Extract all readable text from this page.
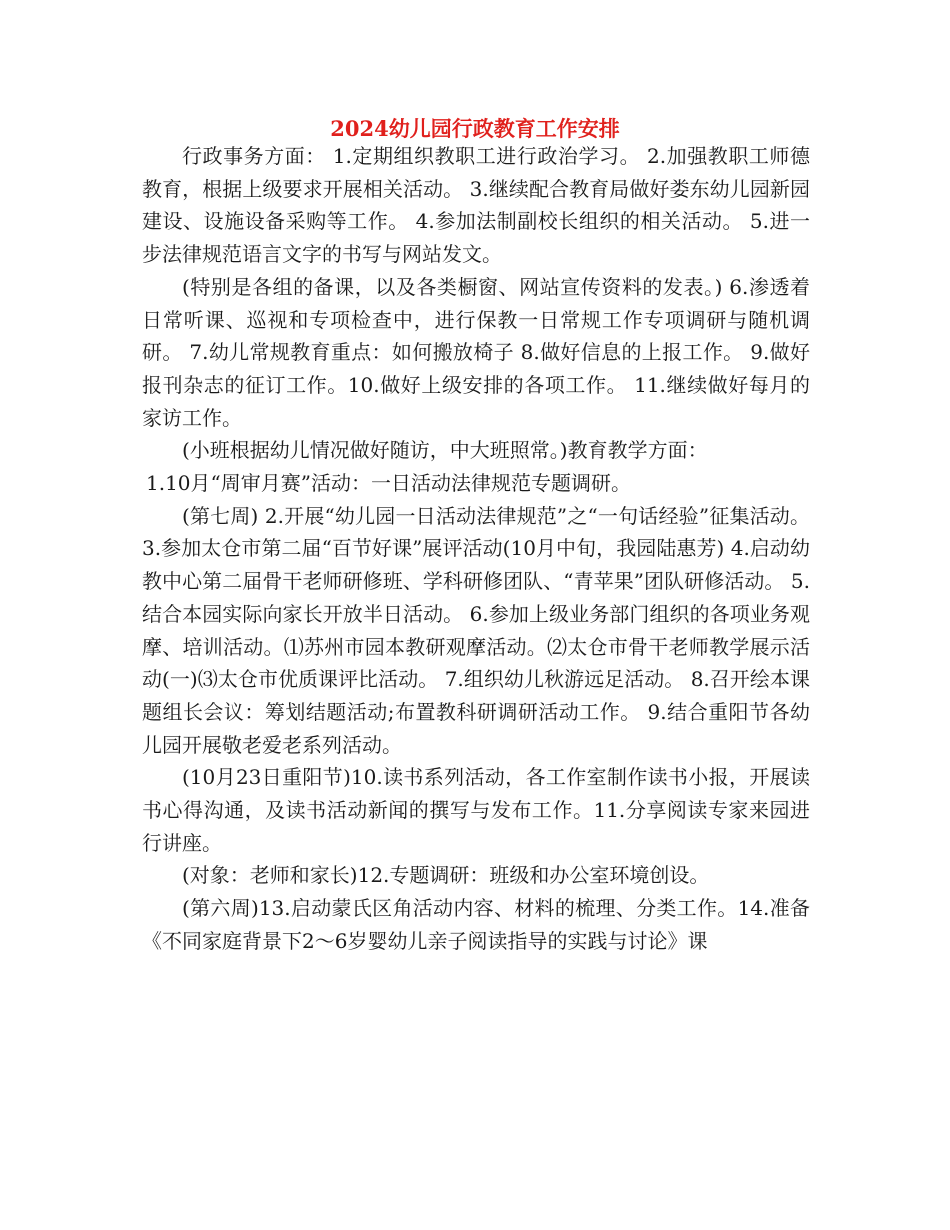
2024幼儿园行政教育工作安排

行政事务方面： 1.定期组织教职工进行政治学习。 2.加强教职工师德教育，根据上级要求开展相关活动。 3.继续配合教育局做好娄东幼儿园新园建设、设施设备采购等工作。 4.参加法制副校长组织的相关活动。 5.进一步法律规范语言文字的书写与网站发文。

(特别是各组的备课，以及各类橱窗、网站宣传资料的发表。) 6.渗透着日常听课、巡视和专项检查中，进行保教一日常规工作专项调研与随机调研。 7.幼儿常规教育重点：如何搬放椅子 8.做好信息的上报工作。 9.做好报刊杂志的征订工作。10.做好上级安排的各项工作。 11.继续做好每月的家访工作。

(小班根据幼儿情况做好随访，中大班照常。)教育教学方面：

1.10月“周审月赛”活动：一日活动法律规范专题调研。

(第七周) 2.开展“幼儿园一日活动法律规范”之“一句话经验”征集活动。 3.参加太仓市第二届“百节好课”展评活动(10月中旬，我园陆惠芳) 4.启动幼教中心第二届骨干老师研修班、学科研修团队、“青苹果”团队研修活动。 5.结合本园实际向家长开放半日活动。 6.参加上级业务部门组织的各项业务观摩、培训活动。⑴苏州市园本教研观摩活动。⑵太仓市骨干老师教学展示活动(一)⑶太仓市优质课评比活动。 7.组织幼儿秋游远足活动。 8.召开绘本课题组长会议：筹划结题活动;布置教科研调研活动工作。 9.结合重阳节各幼儿园开展敬老爱老系列活动。

(10月23日重阳节)10.读书系列活动，各工作室制作读书小报，开展读书心得沟通，及读书活动新闻的撰写与发布工作。11.分享阅读专家来园进行讲座。

(对象：老师和家长)12.专题调研：班级和办公室环境创设。

(第六周)13.启动蒙氏区角活动内容、材料的梳理、分类工作。14.准备《不同家庭背景下2～6岁婴幼儿亲子阅读指导的实践与讨论》课
